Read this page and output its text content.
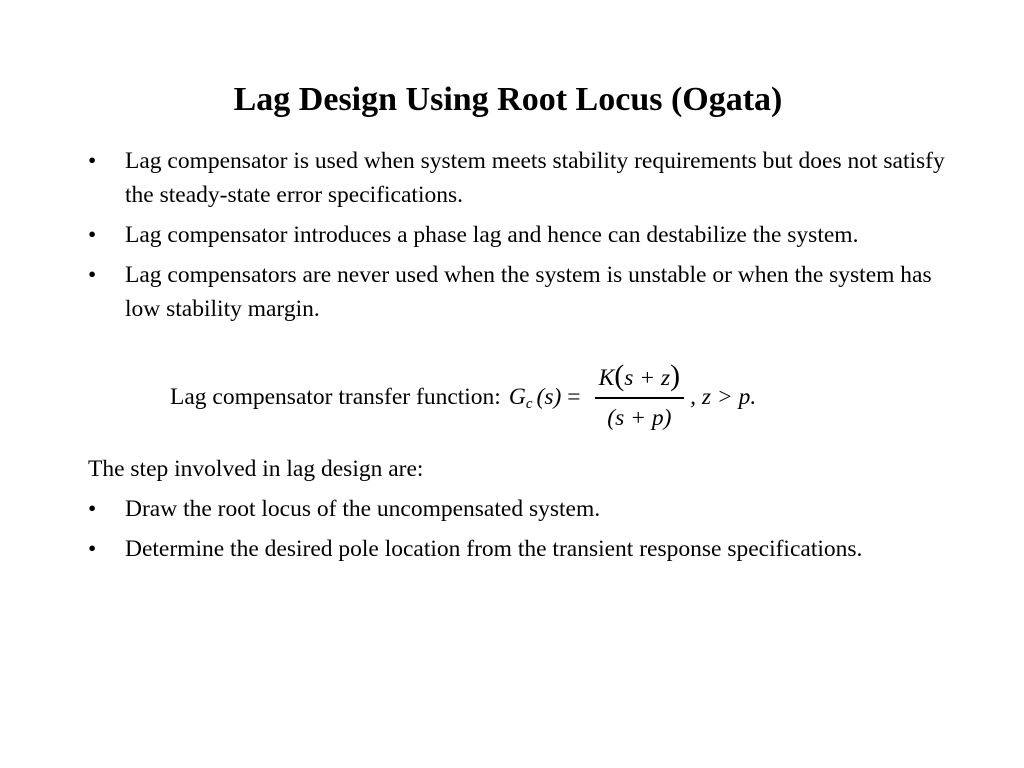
Lag Design Using Root Locus (Ogata)
• Lag compensator is used when system meets stability requirements but does not satisfy the steady-state error specifications.
• Lag compensator introduces a phase lag and hence can destabilize the system.
• Lag compensators are never used when the system is unstable or when the system has low stability margin.
Lag compensator transfer function: G c $(s) = \frac{K(s + z)}{(s + p)}$ , z > p.
The step involved in lag design are:
• Draw the root locus of the uncompensated system.
• Determine the desired pole location from the transient response specifications.
